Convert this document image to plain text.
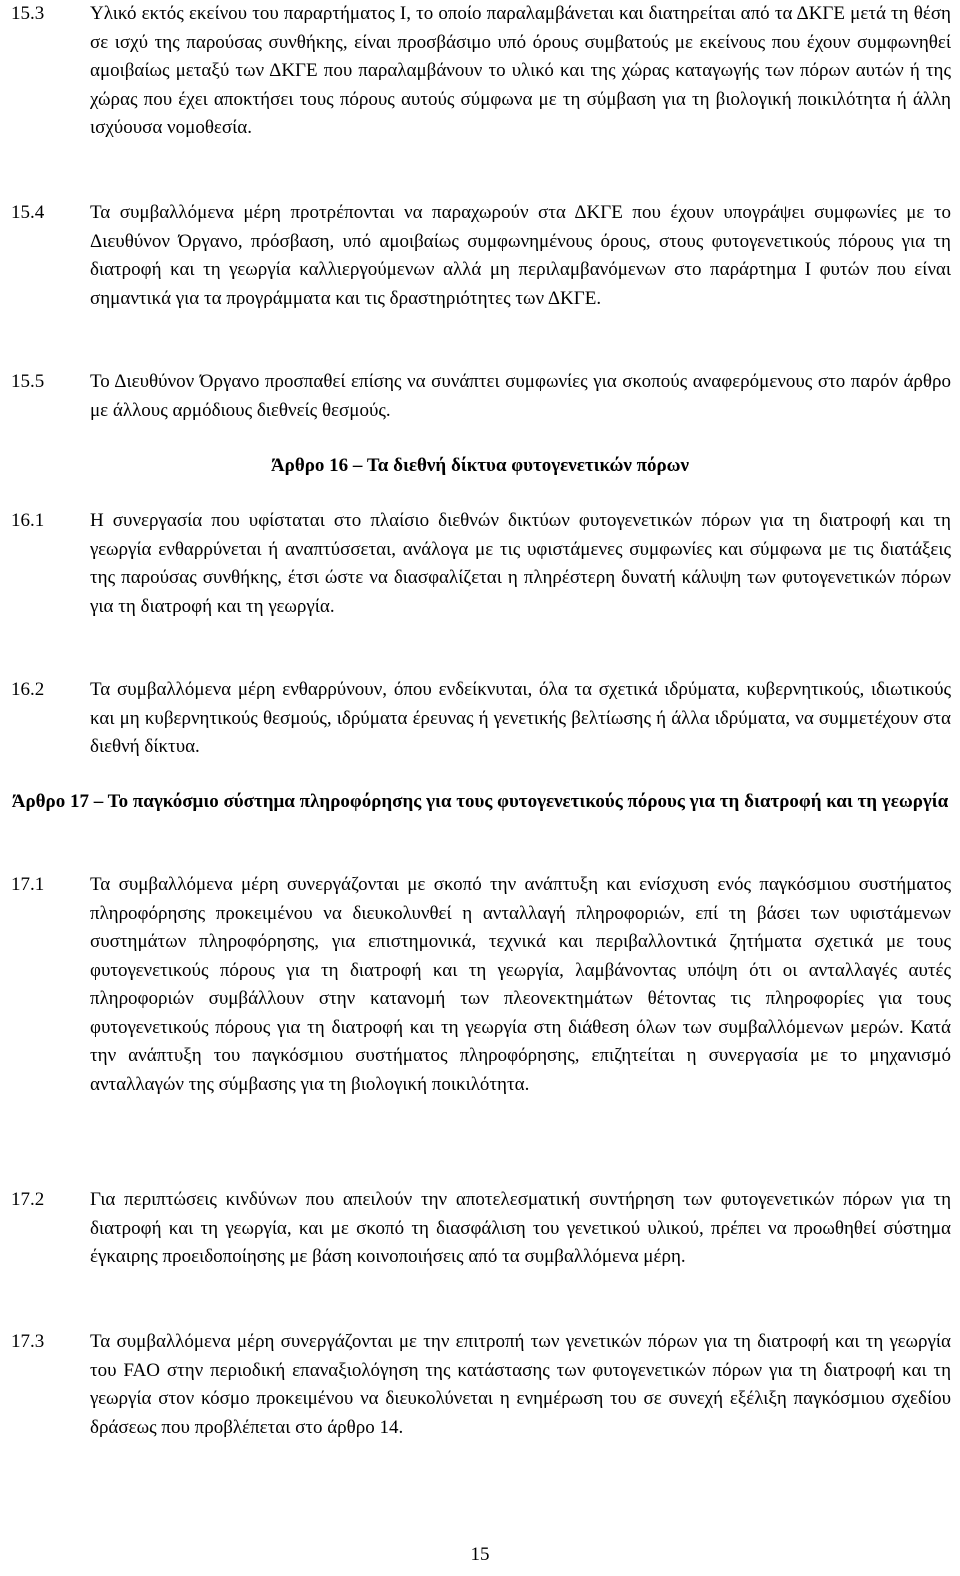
15.3 Υλικό εκτός εκείνου του παραρτήματος Ι, το οποίο παραλαμβάνεται και διατηρείται από τα ΔΚΓΕ μετά τη θέση σε ισχύ της παρούσας συνθήκης, είναι προσβάσιμο υπό όρους συμβατούς με εκείνους που έχουν συμφωνηθεί αμοιβαίως μεταξύ των ΔΚΓΕ που παραλαμβάνουν το υλικό και της χώρας καταγωγής των πόρων αυτών ή της χώρας που έχει αποκτήσει τους πόρους αυτούς σύμφωνα με τη σύμβαση για τη βιολογική ποικιλότητα ή άλλη ισχύουσα νομοθεσία.
15.4 Τα συμβαλλόμενα μέρη προτρέπονται να παραχωρούν στα ΔΚΓΕ που έχουν υπογράψει συμφωνίες με το Διευθύνον Όργανο, πρόσβαση, υπό αμοιβαίως συμφωνημένους όρους, στους φυτογενετικούς πόρους για τη διατροφή και τη γεωργία καλλιεργούμενων αλλά μη περιλαμβανόμενων στο παράρτημα Ι φυτών που είναι σημαντικά για τα προγράμματα και τις δραστηριότητες των ΔΚΓΕ.
15.5 Το Διευθύνον Όργανο προσπαθεί επίσης να συνάπτει συμφωνίες για σκοπούς αναφερόμενους στο παρόν άρθρο με άλλους αρμόδιους διεθνείς θεσμούς.
Άρθρο 16 – Τα διεθνή δίκτυα φυτογενετικών πόρων
16.1 Η συνεργασία που υφίσταται στο πλαίσιο διεθνών δικτύων φυτογενετικών πόρων για τη διατροφή και τη γεωργία ενθαρρύνεται ή αναπτύσσεται, ανάλογα με τις υφιστάμενες συμφωνίες και σύμφωνα με τις διατάξεις της παρούσας συνθήκης, έτσι ώστε να διασφαλίζεται η πληρέστερη δυνατή κάλυψη των φυτογενετικών πόρων για τη διατροφή και τη γεωργία.
16.2 Τα συμβαλλόμενα μέρη ενθαρρύνουν, όπου ενδείκνυται, όλα τα σχετικά ιδρύματα, κυβερνητικούς, ιδιωτικούς και μη κυβερνητικούς θεσμούς, ιδρύματα έρευνας ή γενετικής βελτίωσης ή άλλα ιδρύματα, να συμμετέχουν στα διεθνή δίκτυα.
Άρθρο 17 – Το παγκόσμιο σύστημα πληροφόρησης για τους φυτογενετικούς πόρους για τη διατροφή και τη γεωργία
17.1 Τα συμβαλλόμενα μέρη συνεργάζονται με σκοπό την ανάπτυξη και ενίσχυση ενός παγκόσμιου συστήματος πληροφόρησης προκειμένου να διευκολυνθεί η ανταλλαγή πληροφοριών, επί τη βάσει των υφιστάμενων συστημάτων πληροφόρησης, για επιστημονικά, τεχνικά και περιβαλλοντικά ζητήματα σχετικά με τους φυτογενετικούς πόρους για τη διατροφή και τη γεωργία, λαμβάνοντας υπόψη ότι οι ανταλλαγές αυτές πληροφοριών συμβάλλουν στην κατανομή των πλεονεκτημάτων θέτοντας τις πληροφορίες για τους φυτογενετικούς πόρους για τη διατροφή και τη γεωργία στη διάθεση όλων των συμβαλλόμενων μερών. Κατά την ανάπτυξη του παγκόσμιου συστήματος πληροφόρησης, επιζητείται η συνεργασία με το μηχανισμό ανταλλαγών της σύμβασης για τη βιολογική ποικιλότητα.
17.2 Για περιπτώσεις κινδύνων που απειλούν την αποτελεσματική συντήρηση των φυτογενετικών πόρων για τη διατροφή και τη γεωργία, και με σκοπό τη διασφάλιση του γενετικού υλικού, πρέπει να προωθηθεί σύστημα έγκαιρης προειδοποίησης με βάση κοινοποιήσεις από τα συμβαλλόμενα μέρη.
17.3 Τα συμβαλλόμενα μέρη συνεργάζονται με την επιτροπή των γενετικών πόρων για τη διατροφή και τη γεωργία του FAO στην περιοδική επαναξιολόγηση της κατάστασης των φυτογενετικών πόρων για τη διατροφή και τη γεωργία στον κόσμο προκειμένου να διευκολύνεται η ενημέρωση του σε συνεχή εξέλιξη παγκόσμιου σχεδίου δράσεως που προβλέπεται στο άρθρο 14.
15
